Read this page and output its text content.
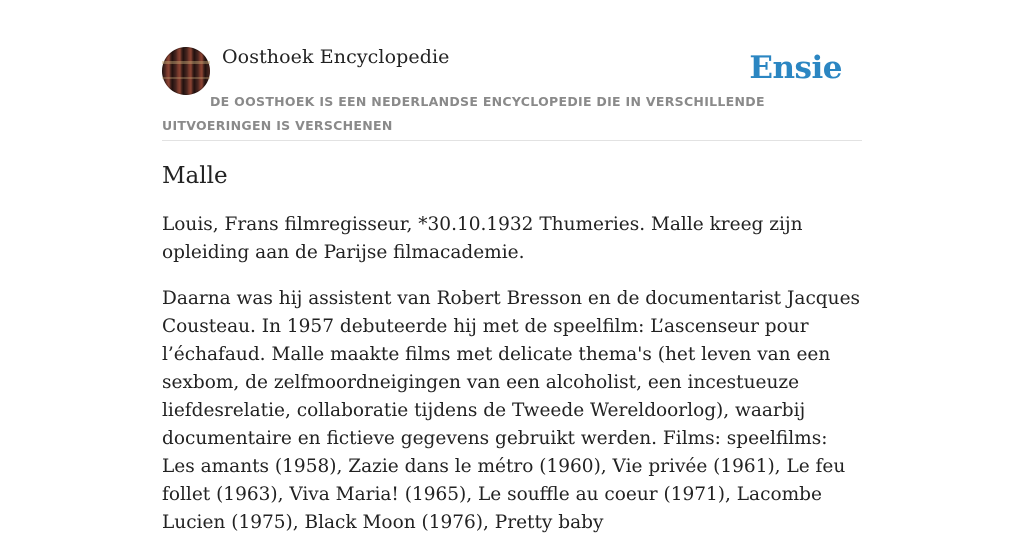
Oosthoek Encyclopedie	Ensie
DE OOSTHOEK IS EEN NEDERLANDSE ENCYCLOPEDIE DIE IN VERSCHILLENDE UITVOERINGEN IS VERSCHENEN
Malle

Louis, Frans filmregisseur, *30.10.1932 Thumeries. Malle kreeg zijn opleiding aan de Parijse filmacademie.

Daarna was hij assistent van Robert Bresson en de documentarist Jacques Cousteau. In 1957 debuteerde hij met de speelfilm: L’ascenseur pour l’échafaud. Malle maakte films met delicate thema's (het leven van een sexbom, de zelfmoordneigingen van een alcoholist, een incestueuze liefdesrelatie, collaboratie tijdens de Tweede Wereldoorlog), waarbij documentaire en fictieve gegevens gebruikt werden. Films: speelfilms: Les amants (1958), Zazie dans le métro (1960), Vie privée (1961), Le feu follet (1963), Viva Maria! (1965), Le souffle au coeur (1971), Lacombe Lucien (1975), Black Moon (1976), Pretty baby
